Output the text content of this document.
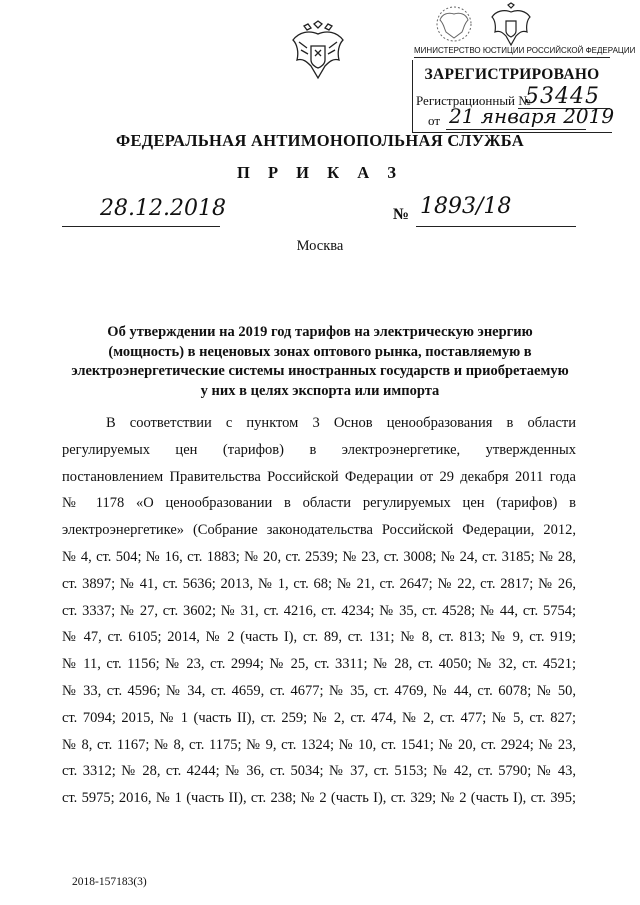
МИНИСТЕРСТВО ЮСТИЦИИ РОССИЙСКОЙ ФЕДЕРАЦИИ
ЗАРЕГИСТРИРОВАНО
Регистрационный №
53445
от 21 января 2019
ФЕДЕРАЛЬНАЯ АНТИМОНОПОЛЬНАЯ СЛУЖБА
П Р И К А З
28.12.2018	№ 1893/18
Москва
Об утверждении на 2019 год тарифов на электрическую энергию
(мощность) в неценовых зонах оптового рынка, поставляемую в
электроэнергетические системы иностранных государств и приобретаемую
у них в целях экспорта или импорта
В соответствии с пунктом 3 Основ ценообразования в области
регулируемых цен (тарифов) в электроэнергетике, утвержденных
постановлением Правительства Российской Федерации от 29 декабря 2011 года
№ 1178 «О ценообразовании в области регулируемых цен (тарифов) в
электроэнергетике» (Собрание законодательства Российской Федерации, 2012,
№ 4, ст. 504; № 16, ст. 1883; № 20, ст. 2539; № 23, ст. 3008; № 24, ст. 3185; № 28,
ст. 3897; № 41, ст. 5636; 2013, № 1, ст. 68; № 21, ст. 2647; № 22, ст. 2817; № 26,
ст. 3337; № 27, ст. 3602; № 31, ст. 4216, ст. 4234; № 35, ст. 4528; № 44, ст. 5754;
№ 47, ст. 6105; 2014, № 2 (часть I), ст. 89, ст. 131; № 8, ст. 813; № 9, ст. 919;
№ 11, ст. 1156; № 23, ст. 2994; № 25, ст. 3311; № 28, ст. 4050; № 32, ст. 4521;
№ 33, ст. 4596; № 34, ст. 4659, ст. 4677; № 35, ст. 4769, № 44, ст. 6078; № 50,
ст. 7094; 2015, № 1 (часть II), ст. 259; № 2, ст. 474, № 2, ст. 477; № 5, ст. 827;
№ 8, ст. 1167; № 8, ст. 1175; № 9, ст. 1324; № 10, ст. 1541; № 20, ст. 2924; № 23,
ст. 3312; № 28, ст. 4244; № 36, ст. 5034; № 37, ст. 5153; № 42, ст. 5790; № 43,
ст. 5975; 2016, № 1 (часть II), ст. 238; № 2 (часть I), ст. 329; № 2 (часть I), ст. 395;
2018-157183(3)
